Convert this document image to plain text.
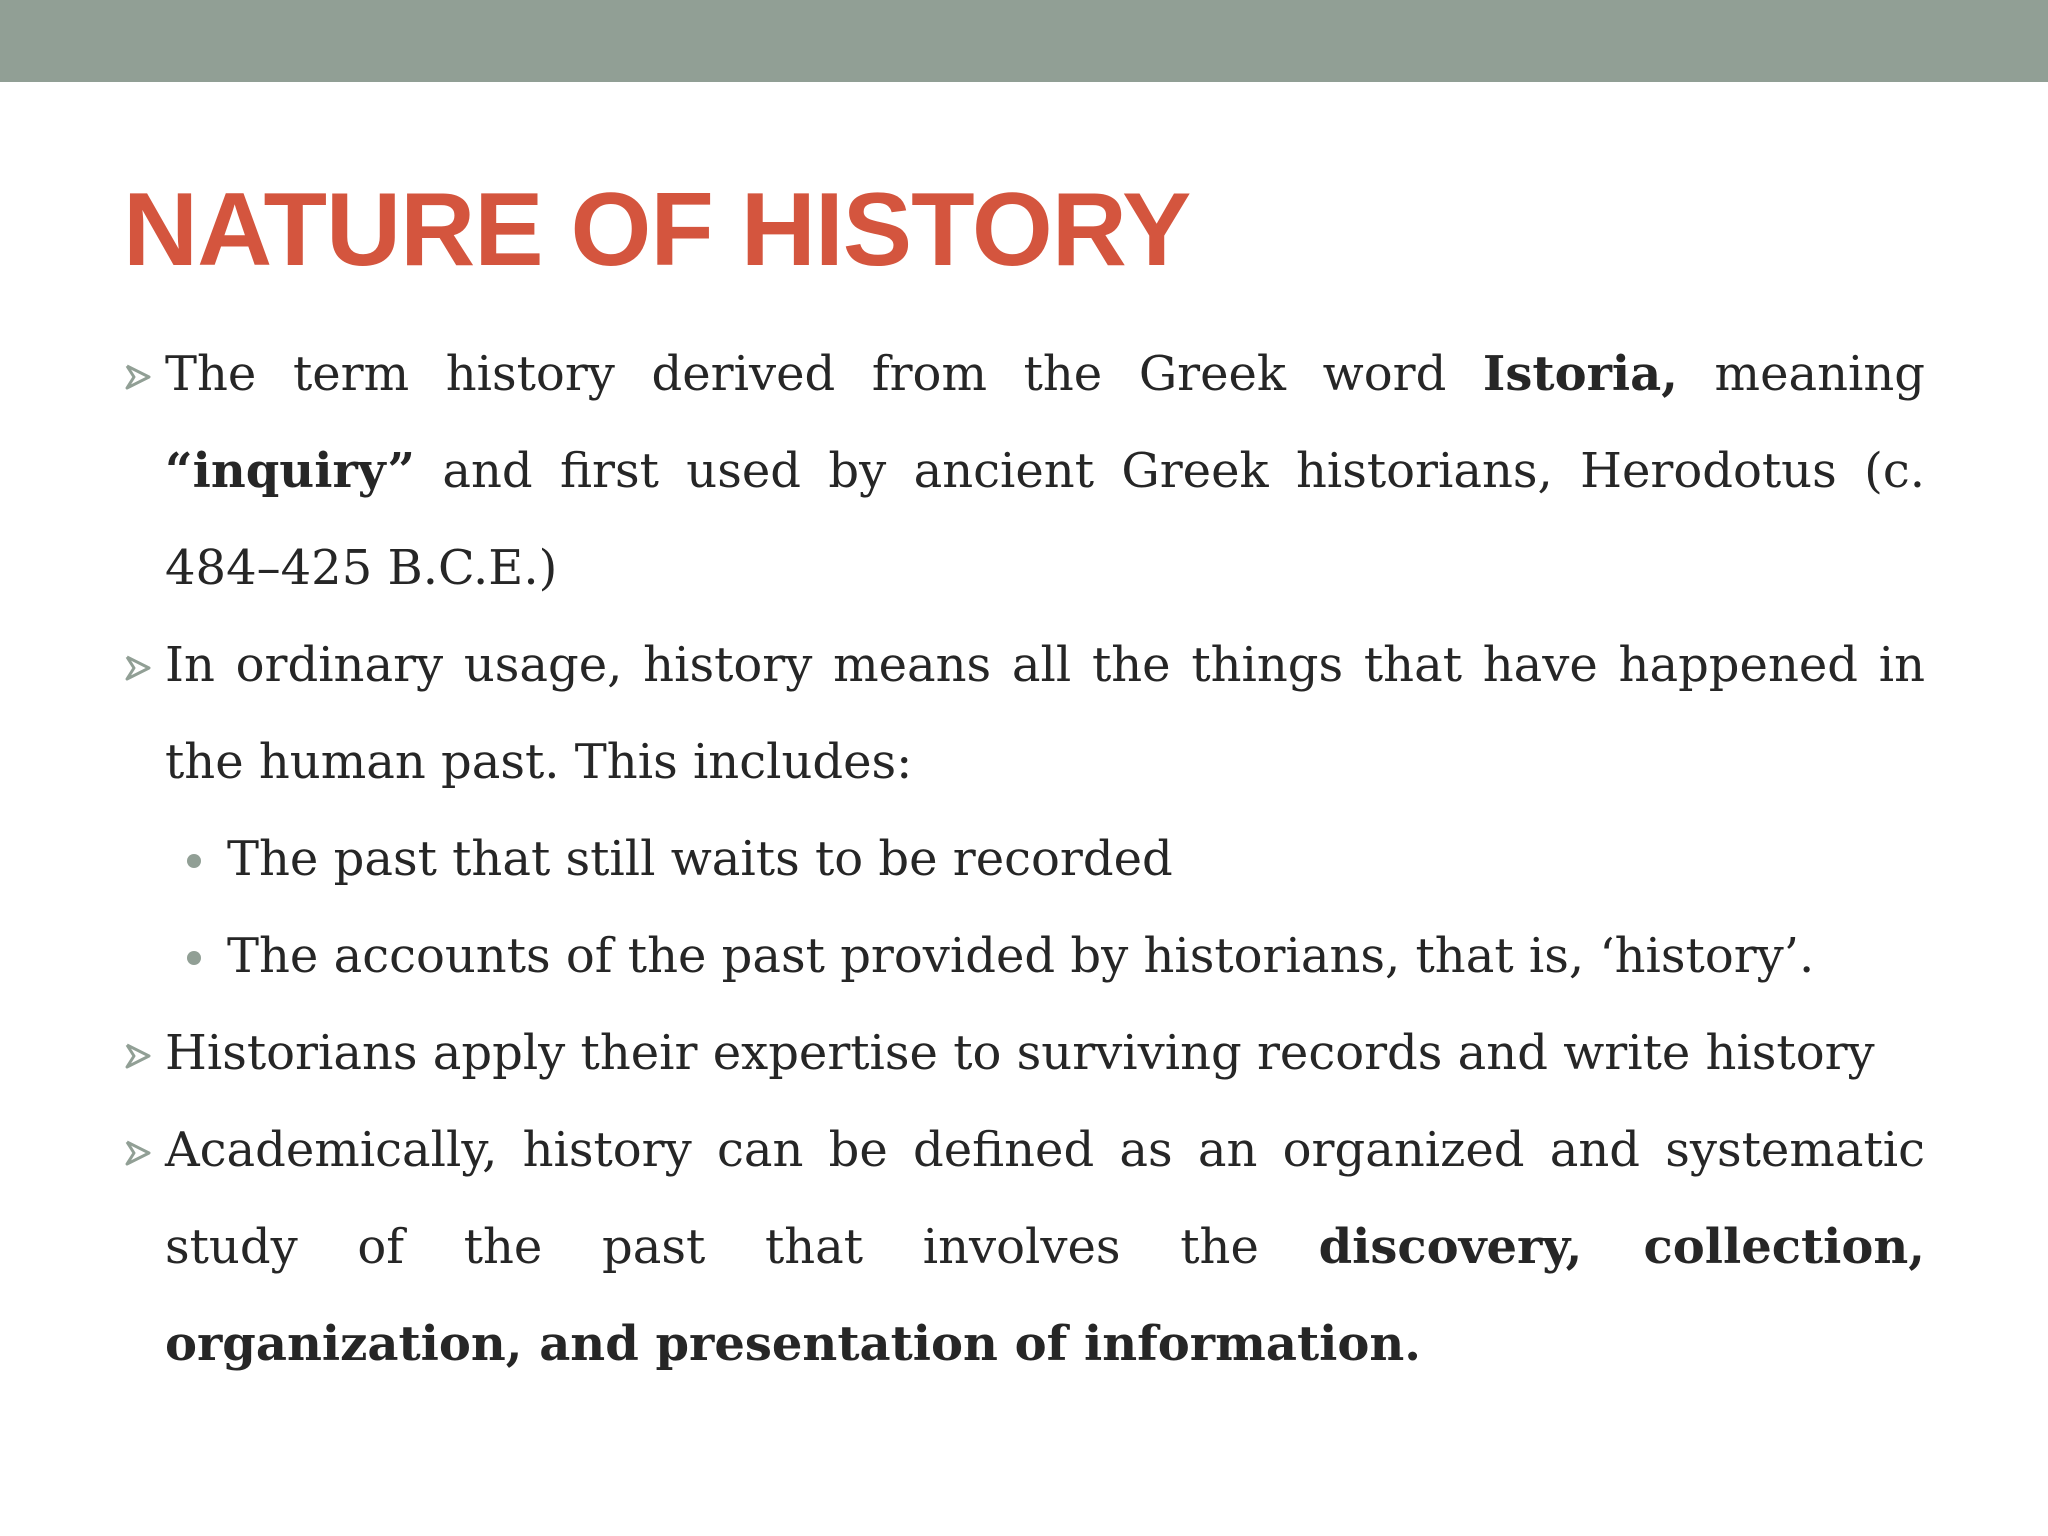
NATURE OF HISTORY
The term history derived from the Greek word Istoria, meaning “inquiry” and first used by ancient Greek historians, Herodotus (c. 484–425 B.C.E.)
In ordinary usage, history means all the things that have happened in the human past. This includes:
The past that still waits to be recorded
The accounts of the past provided by historians, that is, ‘history’.
Historians apply their expertise to surviving records and write history
Academically, history can be defined as an organized and systematic study of the past that involves the discovery, collection, organization, and presentation of information.
